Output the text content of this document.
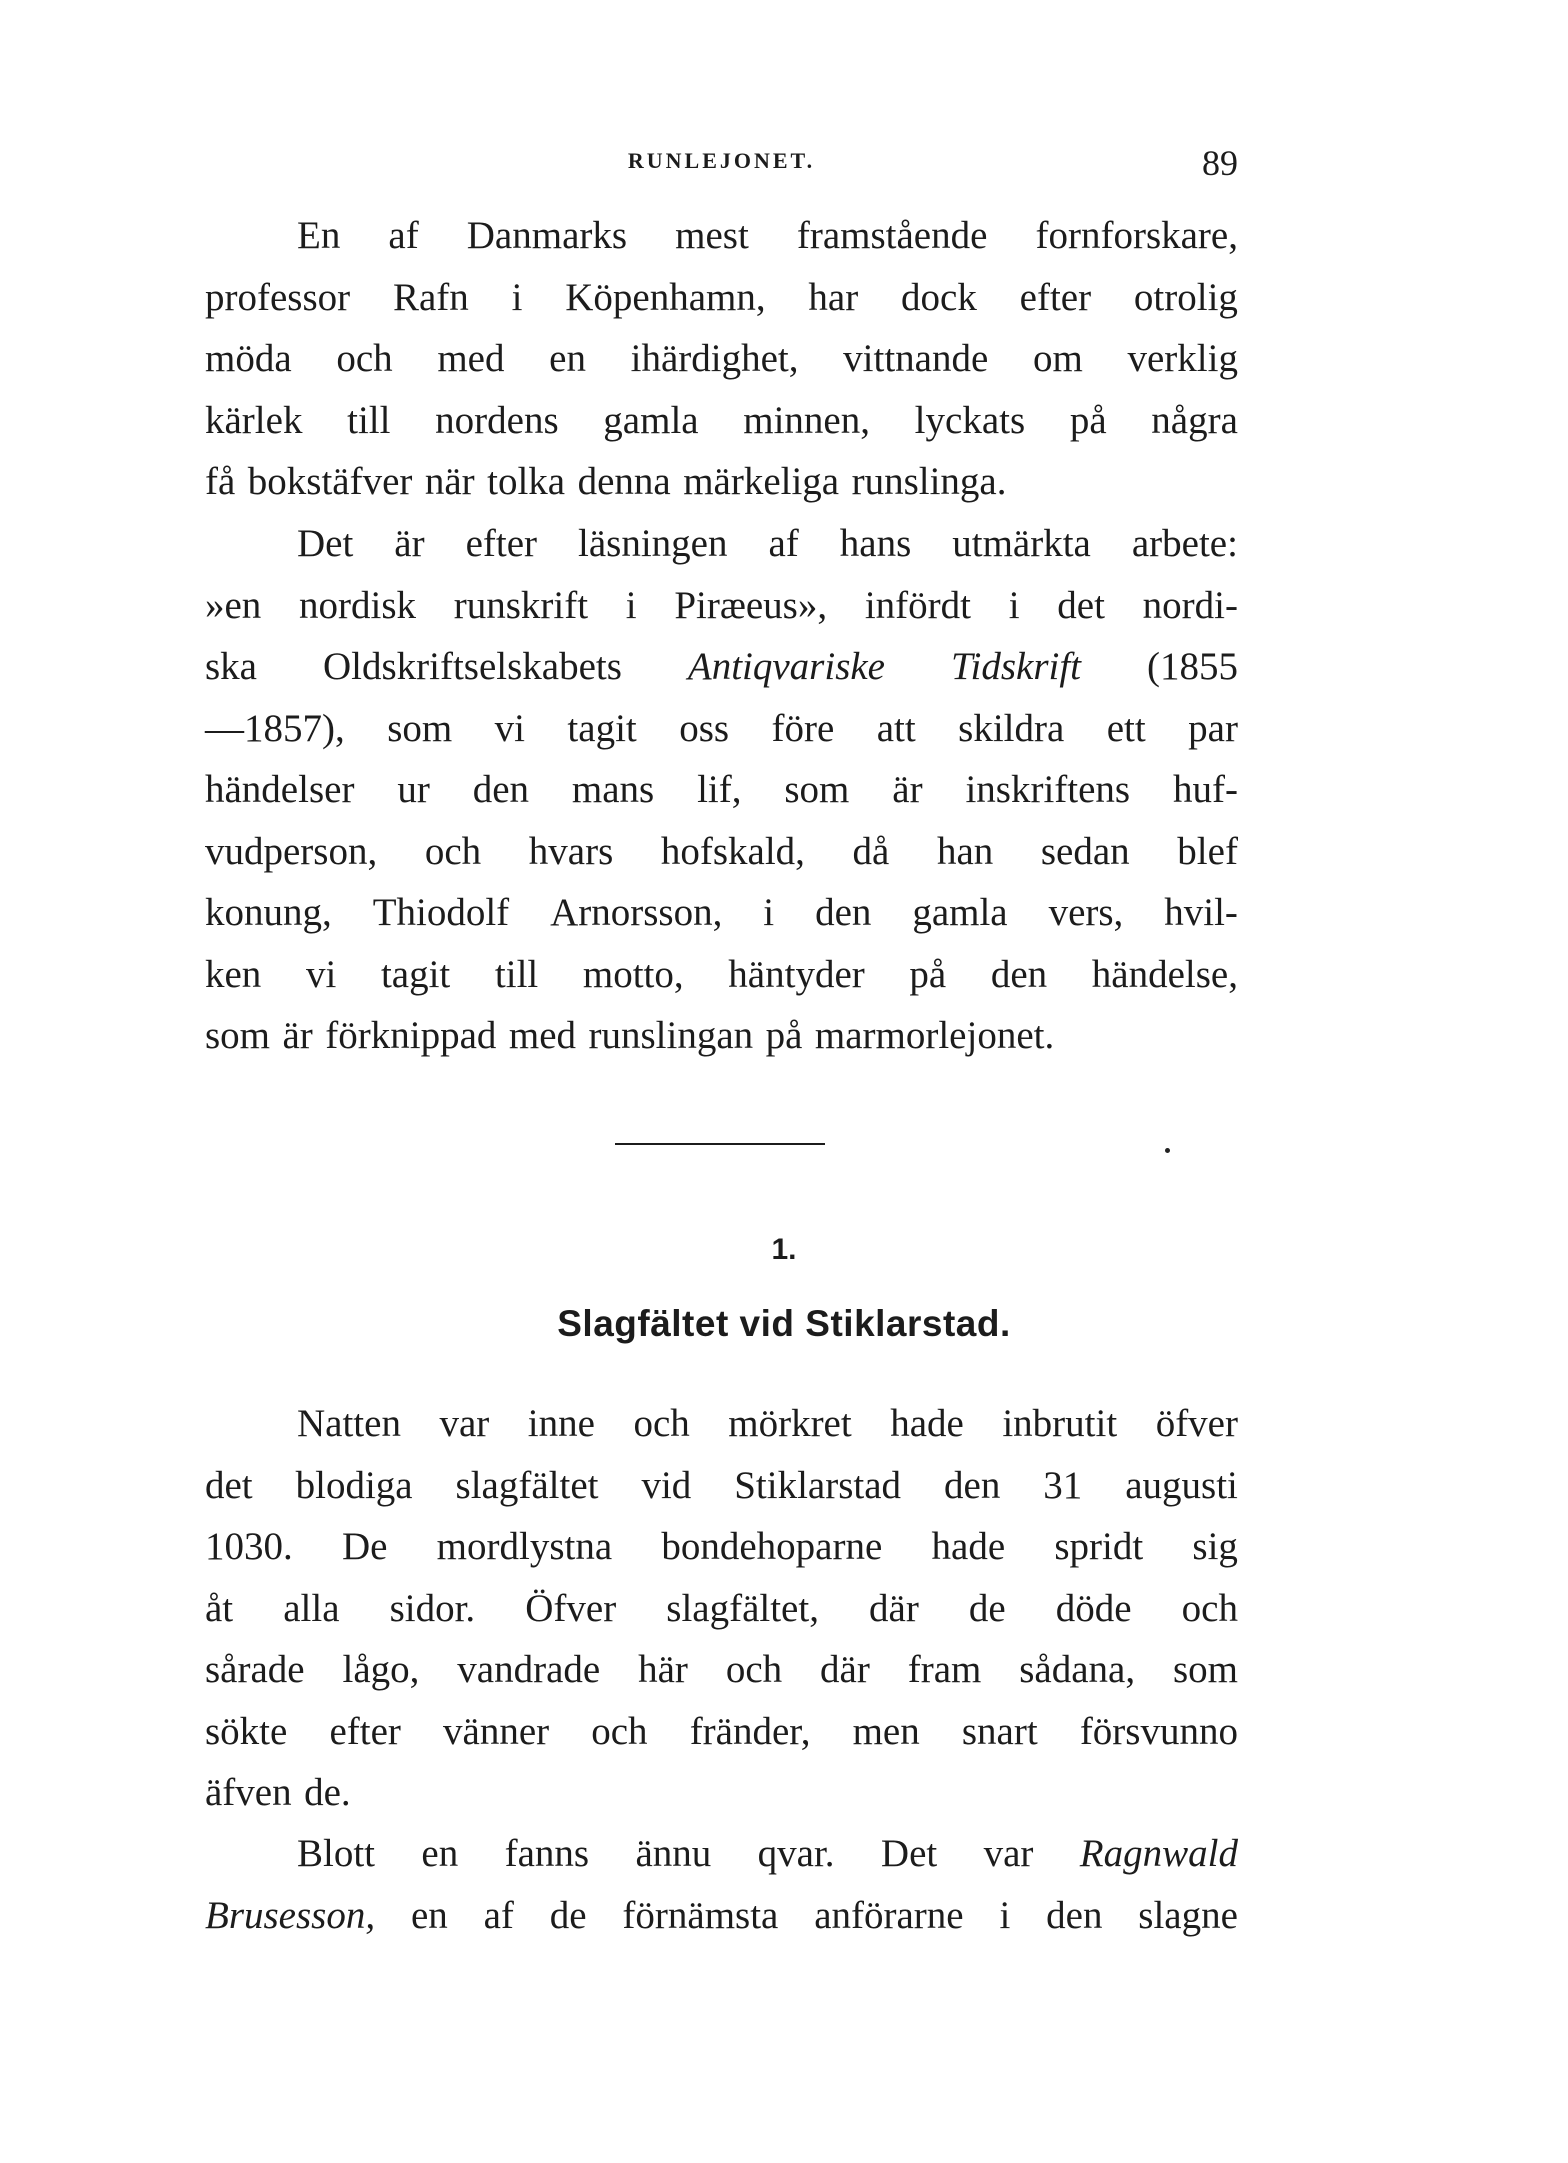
RUNLEJONET.	89
En af Danmarks mest framstående fornforskare,
professor Rafn i Köpenhamn, har dock efter otrolig
möda och med en ihärdighet, vittnande om verklig
kärlek till nordens gamla minnen, lyckats på några
få bokstäfver när tolka denna märkeliga runslinga.
Det är efter läsningen af hans utmärkta arbete:
»en nordisk runskrift i Piræeus», infördt i det nordi-
ska Oldskriftselskabets Antiqvariske Tidskrift (1855
—1857), som vi tagit oss före att skildra ett par
händelser ur den mans lif, som är inskriftens huf-
vudperson, och hvars hofskald, då han sedan blef
konung, Thiodolf Arnorsson, i den gamla vers, hvil-
ken vi tagit till motto, häntyder på den händelse,
som är förknippad med runslingan på marmorlejonet.
1.
Slagfältet vid Stiklarstad.
Natten var inne och mörkret hade inbrutit öfver
det blodiga slagfältet vid Stiklarstad den 31 augusti
1030. De mordlystna bondehoparne hade spridt sig
åt alla sidor. Öfver slagfältet, där de döde och
sårade lågo, vandrade här och där fram sådana, som
sökte efter vänner och fränder, men snart försvunno
äfven de.
Blott en fanns ännu qvar. Det var Ragnwald
Brusesson, en af de förnämsta anförarne i den slagne
